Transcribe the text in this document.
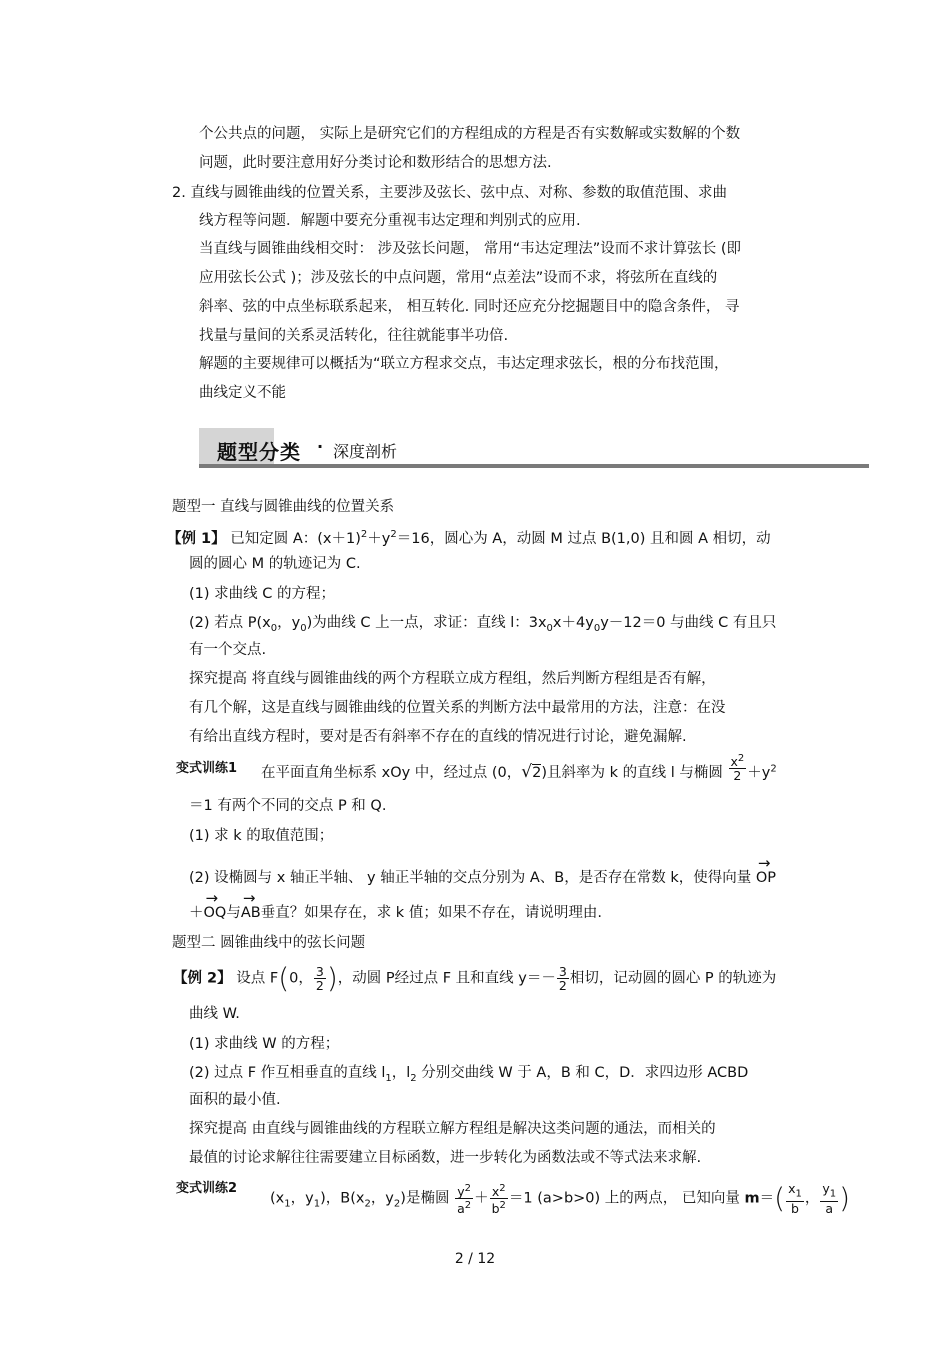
个公共点的问题， 实际上是研究它们的方程组成的方程是否有实数解或实数解的个数
问题，此时要注意用好分类讨论和数形结合的思想方法.
2. 直线与圆锥曲线的位置关系，主要涉及弦长、弦中点、对称、参数的取值范围、求曲
线方程等问题．解题中要充分重视韦达定理和判别式的应用.
当直线与圆锥曲线相交时： 涉及弦长问题， 常用“韦达定理法”设而不求计算弦长 (即
应用弦长公式 )；涉及弦长的中点问题，常用“点差法”设而不求，将弦所在直线的
斜率、弦的中点坐标联系起来， 相互转化. 同时还应充分挖掘题目中的隐含条件， 寻
找量与量间的关系灵活转化，往往就能事半功倍.
解题的主要规律可以概括为“联立方程求交点，韦达定理求弦长，根的分布找范围，
曲线定义不能
题型分类 · 深度剖析
题型一 直线与圆锥曲线的位置关系
【例 1】 已知定圆 A：$(x+1)^2+y^2=16$，圆心为 A，动圆 M 过点 B(1,0) 且和圆 A 相切，动
圆的圆心 M 的轨迹记为 C.
(1) 求曲线 C 的方程；
(2) 若点 $P(x_0$，$y_0$)为曲线 C 上一点，求证：直线 l：$3x_0x+4y_0y-12=0$ 与曲线 C 有且只
有一个交点.
探究提高 将直线与圆锥曲线的两个方程联立成方程组，然后判断方程组是否有解，
有几个解，这是直线与圆锥曲线的位置关系的判断方法中最常用的方法，注意：在没
有给出直线方程时，要对是否有斜率不存在的直线的情况进行讨论，避免漏解.
变式训练1 在平面直角坐标系 xOy 中，经过点 (0，√2)且斜率为 k 的直线 l 与椭圆 $\frac{x^2}{2} +y^2$
＝1 有两个不同的交点 P 和 Q.
(1) 求 k 的取值范围；
(2) 设椭圆与 x 轴正半轴、 y 轴正半轴的交点分别为 A、B，是否存在常数 k，使得向量 → OP
＋→ OQ与→ AB垂直？如果存在，求 k 值；如果不存在，请说明理由.
题型二 圆锥曲线中的弦长问题
【例 2】 设点 F(0， $\frac{3}{2}$ )，动圆 P经过点 F 且和直线 $y=- \frac{3}{2}$ 相切，记动圆的圆心 P 的轨迹为
曲线 W.
(1) 求曲线 W 的方程；
(2) 过点 F 作互相垂直的直线 $l_1$，$l_2$ 分别交曲线 W 于 A，B 和 C，D．求四边形 ACBD
面积的最小值.
探究提高 由直线与圆锥曲线的方程联立解方程组是解决这类问题的通法，而相关的
最值的讨论求解往往需要建立目标函数，进一步转化为函数法或不等式法来求解.
变式训练2
($x_1$，$y_1$)，$B(x_2$，$y_2$)是椭圆 $\frac{y^2}{a^2} + \frac{x^2}{b^2} =1$ (a>b>0) 上的两点， 已知向量 $m=( \frac{x_1}{b}$ ， $\frac{y_1}{a}$ )
2 / 12
